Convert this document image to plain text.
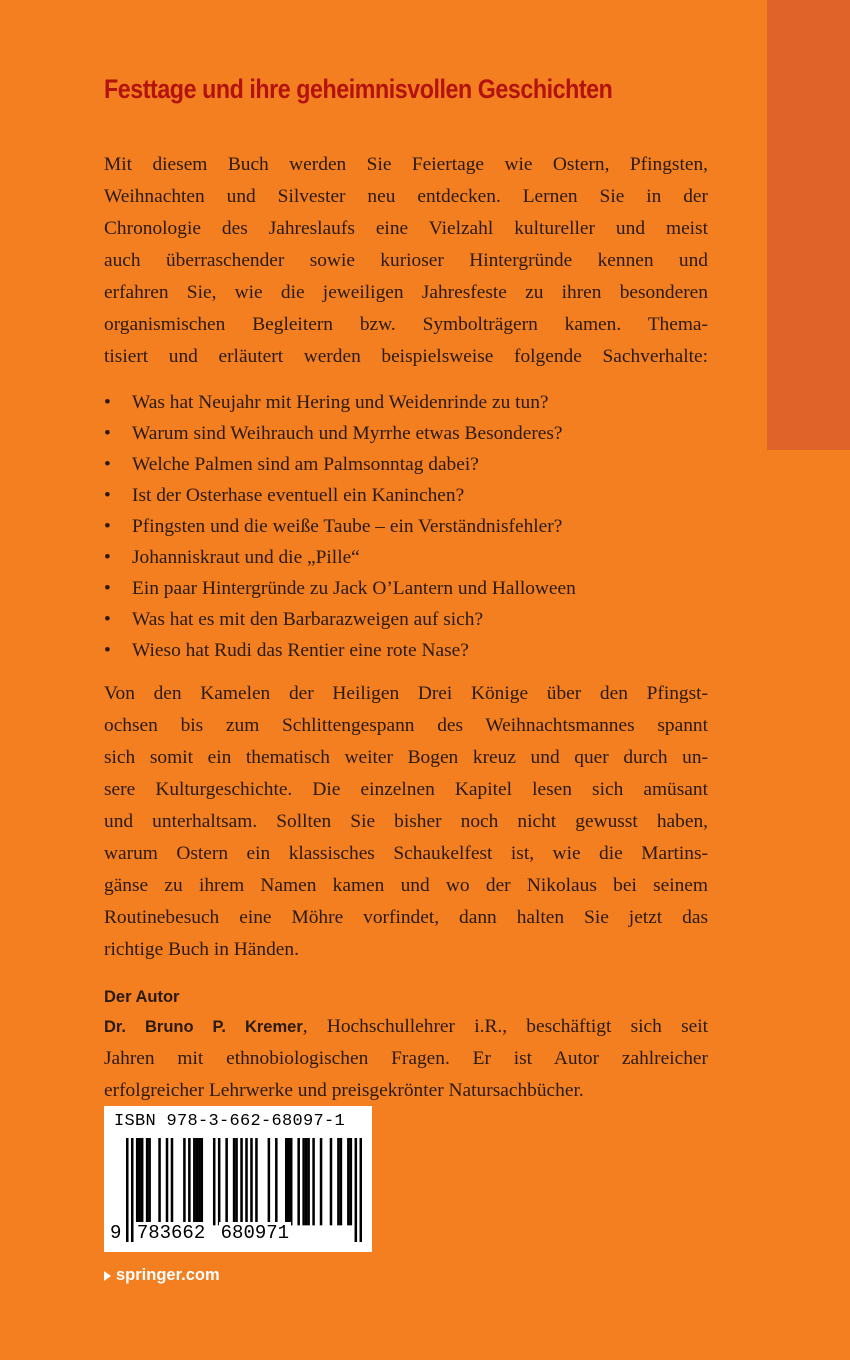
Festtage und ihre geheimnisvollen Geschichten

Mit diesem Buch werden Sie Feiertage wie Ostern, Pfingsten,
Weihnachten und Silvester neu entdecken. Lernen Sie in der
Chronologie des Jahreslaufs eine Vielzahl kultureller und meist
auch überraschender sowie kurioser Hintergründe kennen und
erfahren Sie, wie die jeweiligen Jahresfeste zu ihren besonderen
organismischen Begleitern bzw. Symbolträgern kamen. Thema-
tisiert und erläutert werden beispielsweise folgende Sachverhalte:

• Was hat Neujahr mit Hering und Weidenrinde zu tun?
• Warum sind Weihrauch und Myrrhe etwas Besonderes?
• Welche Palmen sind am Palmsonntag dabei?
• Ist der Osterhase eventuell ein Kaninchen?
• Pfingsten und die weiße Taube – ein Verständnisfehler?
• Johanniskraut und die „Pille“
• Ein paar Hintergründe zu Jack O’Lantern und Halloween
• Was hat es mit den Barbarazweigen auf sich?
• Wieso hat Rudi das Rentier eine rote Nase?

Von den Kamelen der Heiligen Drei Könige über den Pfingst-
ochsen bis zum Schlittengespann des Weihnachtsmannes spannt
sich somit ein thematisch weiter Bogen kreuz und quer durch un-
sere Kulturgeschichte. Die einzelnen Kapitel lesen sich amüsant
und unterhaltsam. Sollten Sie bisher noch nicht gewusst haben,
warum Ostern ein klassisches Schaukelfest ist, wie die Martins-
gänse zu ihrem Namen kamen und wo der Nikolaus bei seinem
Routinebesuch eine Möhre vorfindet, dann halten Sie jetzt das
richtige Buch in Händen.

Der Autor

Dr. Bruno P. Kremer, Hochschullehrer i.R., beschäftigt sich seit
Jahren mit ethnobiologischen Fragen. Er ist Autor zahlreicher
erfolgreicher Lehrwerke und preisgekrönter Natursachbücher.

ISBN 978-3-662-68097-1
9 783662 680971
springer.com
